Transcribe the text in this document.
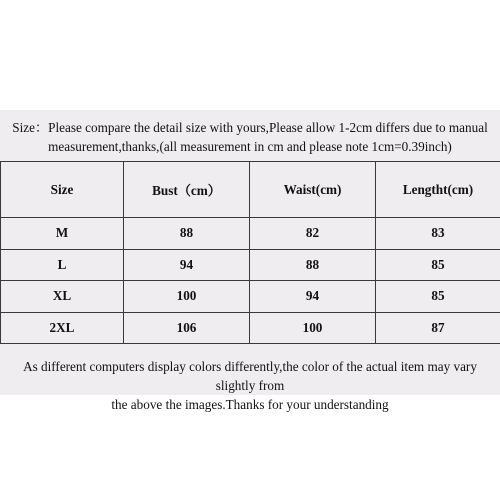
Size：Please compare the detail size with yours,Please allow 1-2cm differs due to manual
measurement,thanks,(all measurement in cm and please note 1cm=0.39inch)
Size	Bust（cm）	Waist(cm)	Lengtht(cm)
M	88	82	83
L	94	88	85
XL	100	94	85
2XL	106	100	87
As different computers display colors differently,the color of the actual item may vary slightly from
the above the images.Thanks for your understanding
